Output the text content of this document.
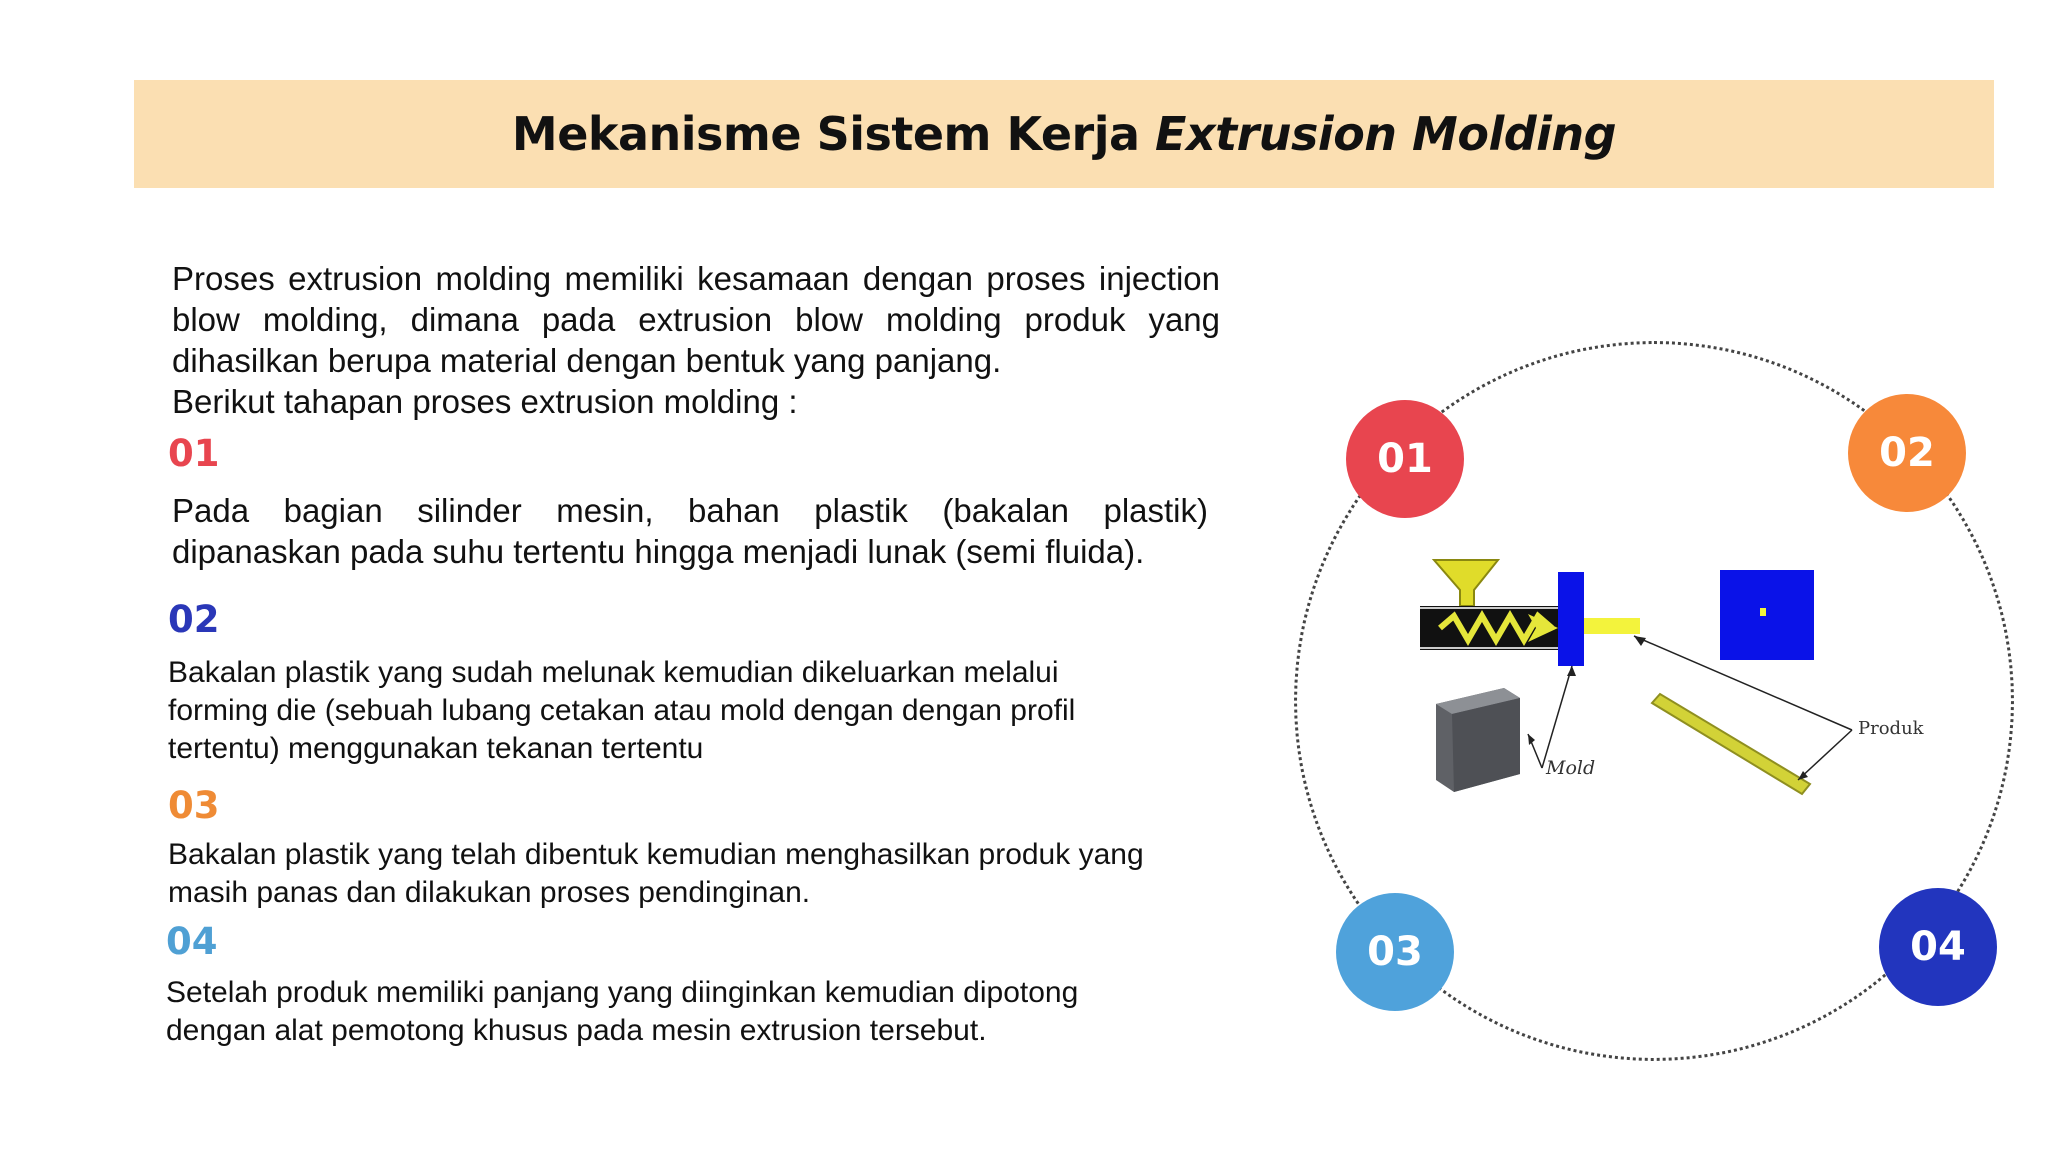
Mekanisme Sistem Kerja Extrusion Molding

Proses extrusion molding memiliki kesamaan dengan proses injection blow molding, dimana pada extrusion blow molding produk yang dihasilkan berupa material dengan bentuk yang panjang.

Berikut tahapan proses extrusion molding :

01

Pada bagian silinder mesin, bahan plastik (bakalan plastik) dipanaskan pada suhu tertentu hingga menjadi lunak (semi fluida).

02

Bakalan plastik yang sudah melunak kemudian dikeluarkan melalui forming die (sebuah lubang cetakan atau mold dengan dengan profil tertentu) menggunakan tekanan tertentu

03

Bakalan plastik yang telah dibentuk kemudian menghasilkan produk yang masih panas dan dilakukan proses pendinginan.

04

Setelah produk memiliki panjang yang diinginkan kemudian dipotong dengan alat pemotong khusus pada mesin extrusion tersebut.

Mold
Produk
01	02
03	04
